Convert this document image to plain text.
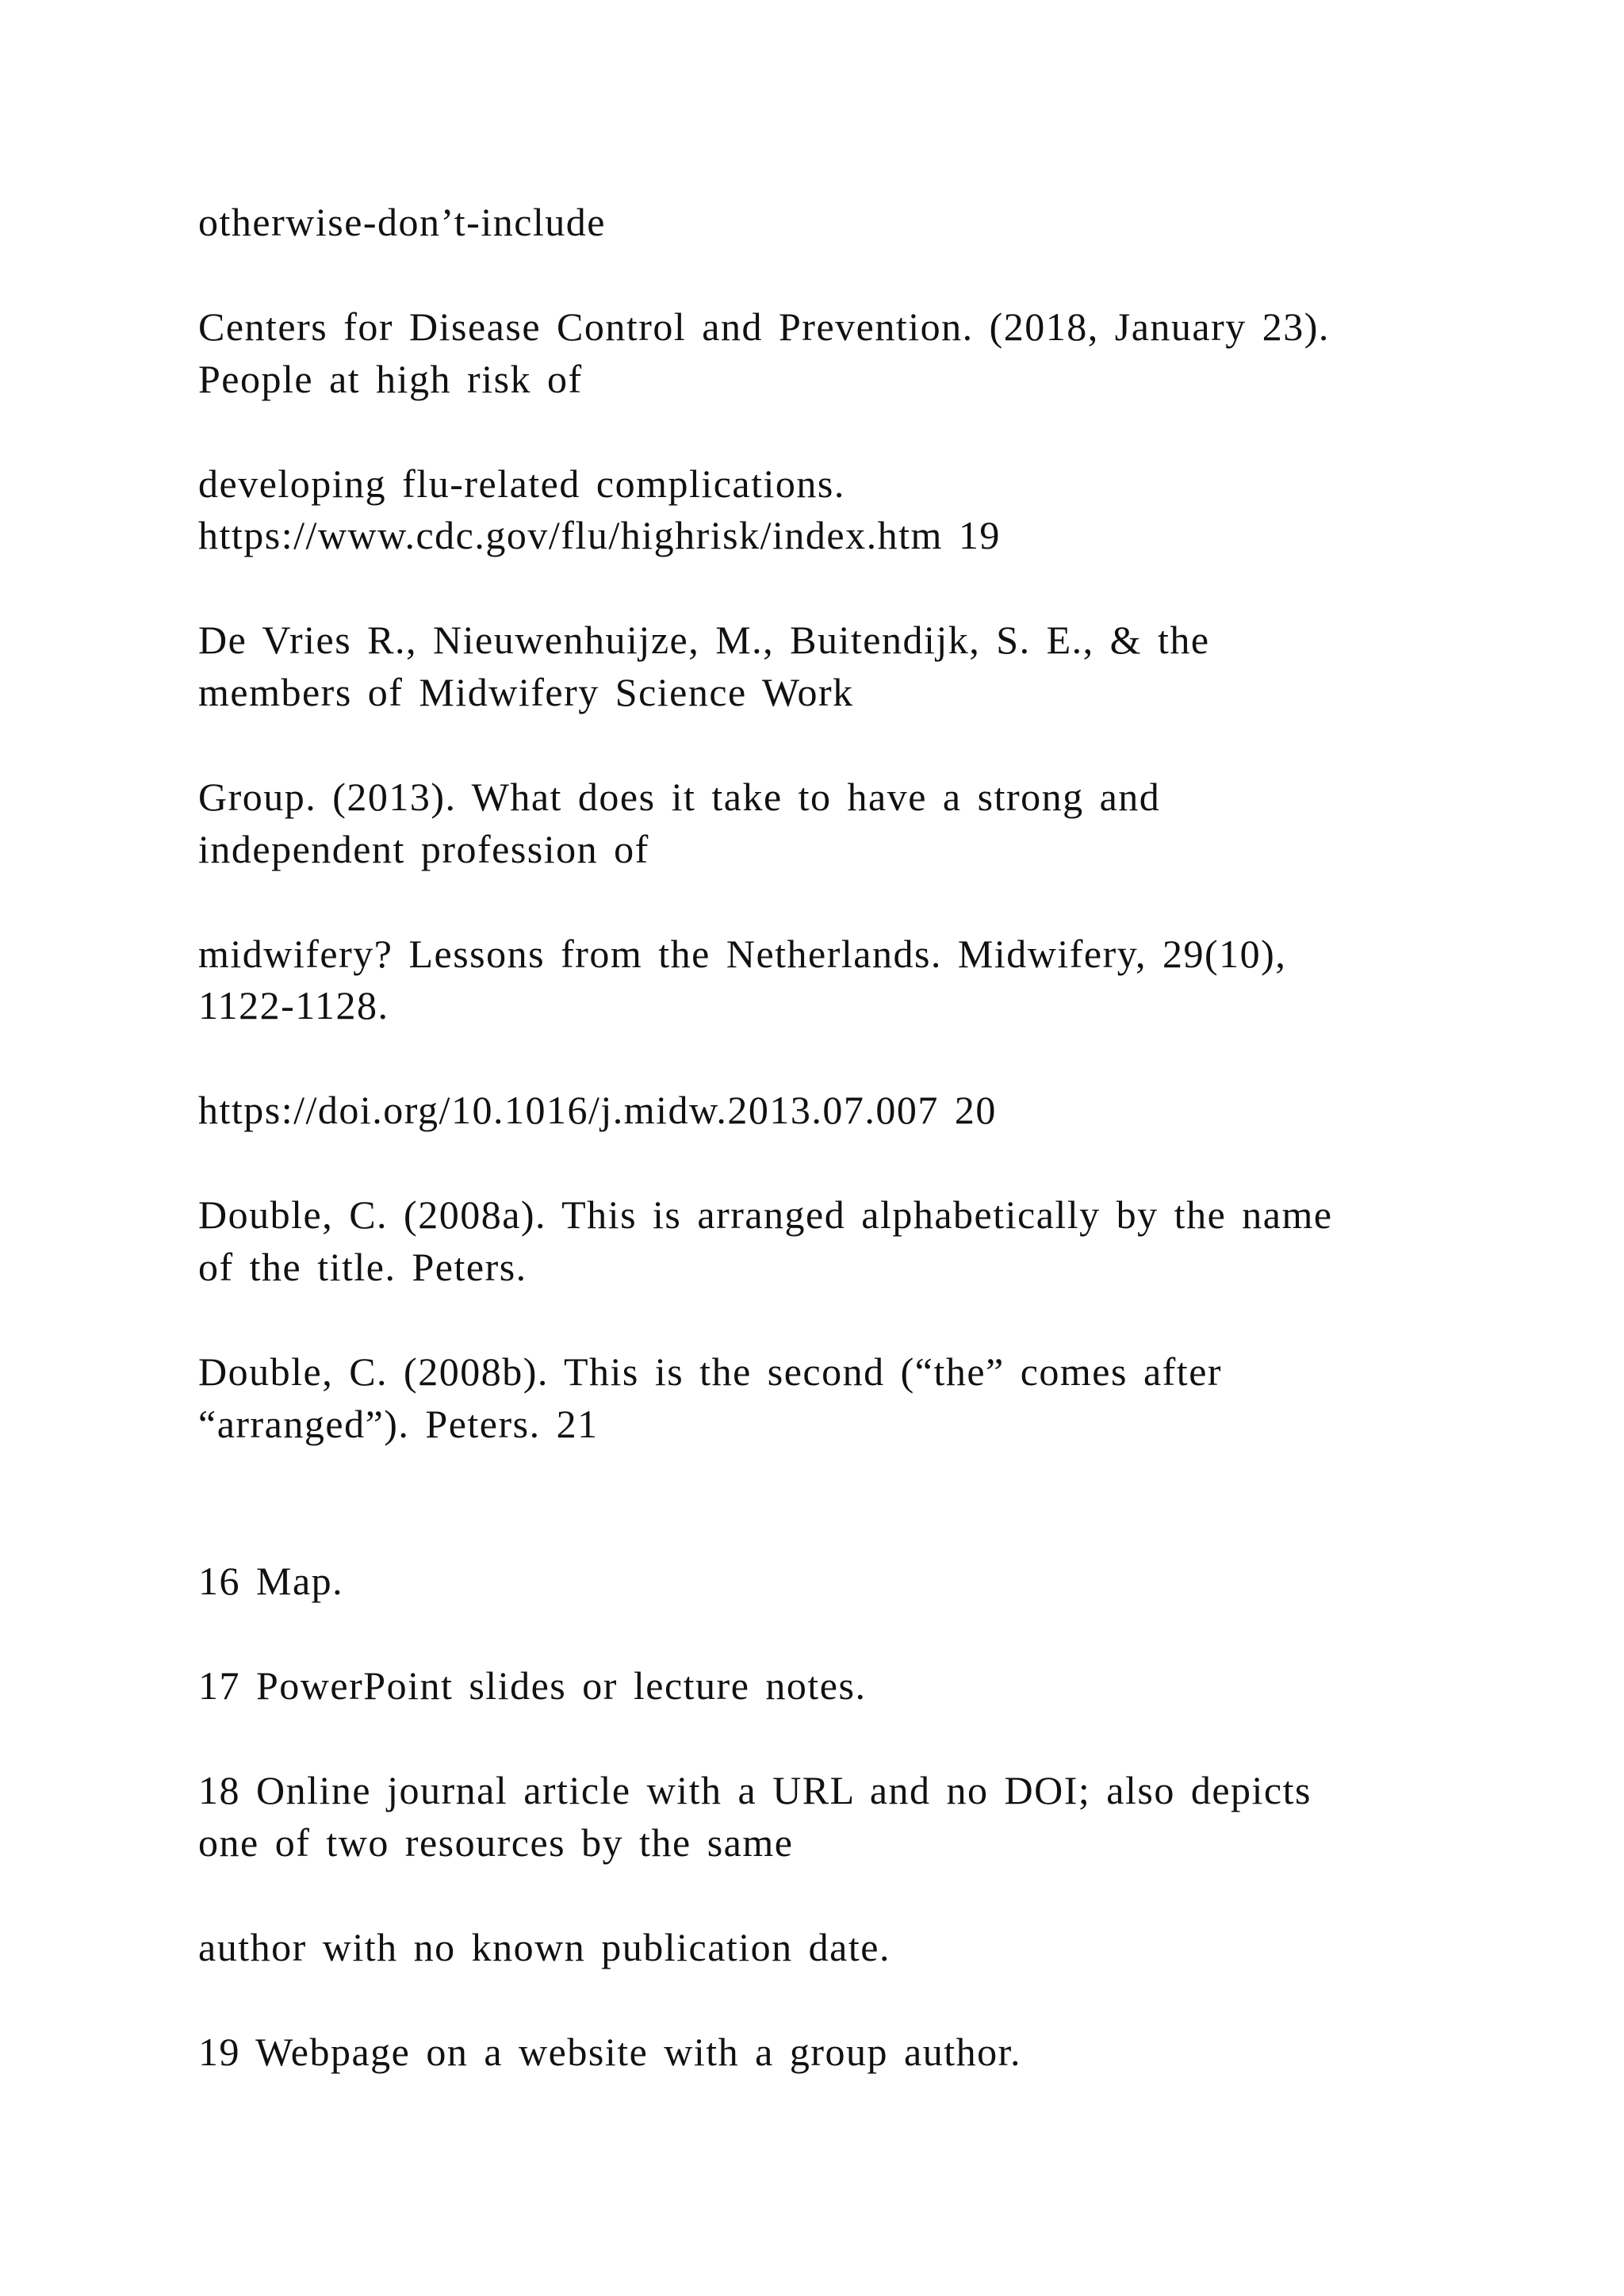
otherwise-don’t-include
Centers for Disease Control and Prevention. (2018, January 23).
People at high risk of
developing flu-related complications.
https://www.cdc.gov/flu/highrisk/index.htm 19
De Vries R., Nieuwenhuijze, M., Buitendijk, S. E., & the
members of Midwifery Science Work
Group. (2013). What does it take to have a strong and
independent profession of
midwifery? Lessons from the Netherlands. Midwifery, 29(10),
1122-1128.
https://doi.org/10.1016/j.midw.2013.07.007 20
Double, C. (2008a). This is arranged alphabetically by the name
of the title. Peters.
Double, C. (2008b). This is the second (“the” comes after
“arranged”). Peters. 21
16 Map.
17 PowerPoint slides or lecture notes.
18 Online journal article with a URL and no DOI; also depicts
one of two resources by the same
author with no known publication date.
19 Webpage on a website with a group author.
